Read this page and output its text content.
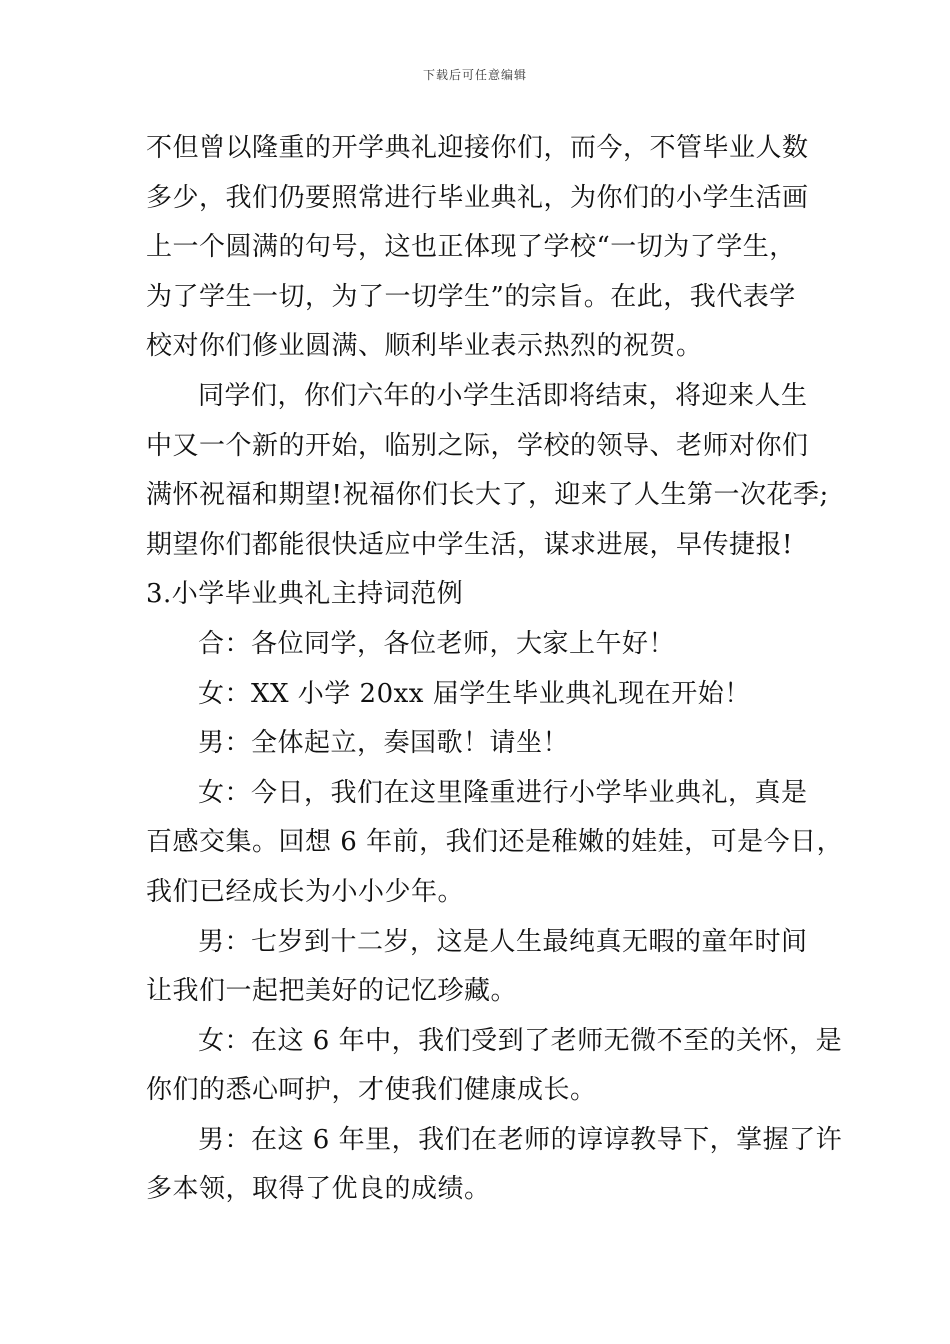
下载后可任意编辑
不但曾以隆重的开学典礼迎接你们，而今，不管毕业人数
多少，我们仍要照常进行毕业典礼，为你们的小学生活画
上一个圆满的句号，这也正体现了学校“一切为了学生，
为了学生一切，为了一切学生”的宗旨。在此，我代表学
校对你们修业圆满、顺利毕业表示热烈的祝贺。
同学们，你们六年的小学生活即将结束，将迎来人生
中又一个新的开始，临别之际，学校的领导、老师对你们
满怀祝福和期望!祝福你们长大了，迎来了人生第一次花季;
期望你们都能很快适应中学生活，谋求进展，早传捷报!
3.小学毕业典礼主持词范例
合：各位同学，各位老师，大家上午好！
女：XX 小学 20xx 届学生毕业典礼现在开始！
男：全体起立，奏国歌！请坐！
女：今日，我们在这里隆重进行小学毕业典礼，真是
百感交集。回想 6 年前，我们还是稚嫩的娃娃，可是今日，
我们已经成长为小小少年。
男：七岁到十二岁，这是人生最纯真无暇的童年时间
让我们一起把美好的记忆珍藏。
女：在这 6 年中，我们受到了老师无微不至的关怀，是
你们的悉心呵护，才使我们健康成长。
男：在这 6 年里，我们在老师的谆谆教导下，掌握了许
多本领，取得了优良的成绩。
